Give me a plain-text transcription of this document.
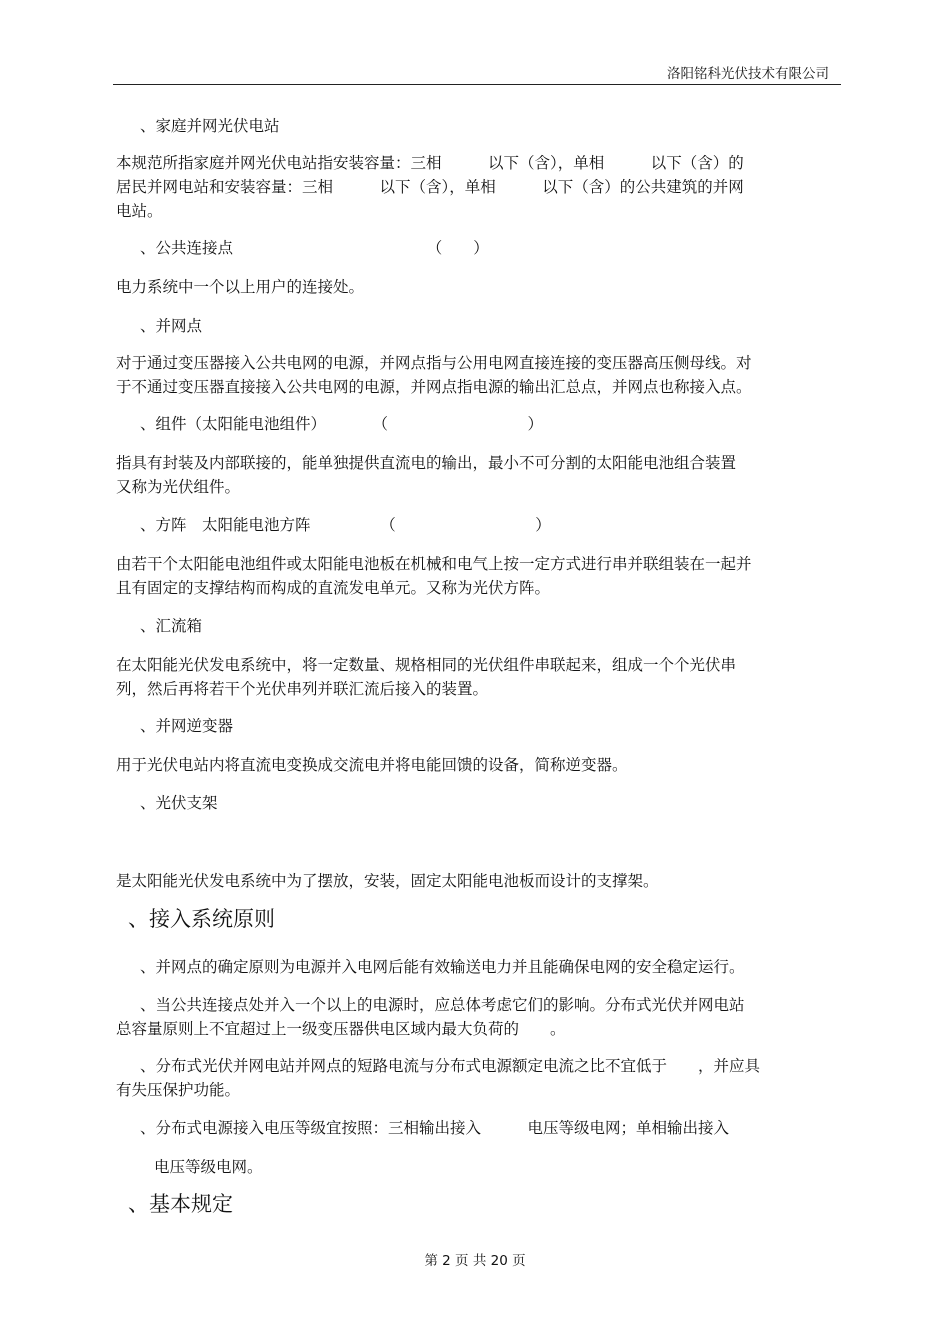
洛阳铭科光伏技术有限公司
、家庭并网光伏电站
本规范所指家庭并网光伏电站指安装容量：三相　　　以下（含），单相　　　以下（含）的
居民并网电站和安装容量：三相　　　以下（含），单相　　　以下（含）的公共建筑的并网
电站。
、公共连接点　　　　　　　　　　　　　（　　）
电力系统中一个以上用户的连接处。
、并网点
对于通过变压器接入公共电网的电源，并网点指与公用电网直接连接的变压器高压侧母线。对
于不通过变压器直接接入公共电网的电源，并网点指电源的输出汇总点，并网点也称接入点。
、组件（太阳能电池组件）　　　　（　　　　　　　　　）
指具有封装及内部联接的，能单独提供直流电的输出，最小不可分割的太阳能电池组合装置
又称为光伏组件。
、方阵　太阳能电池方阵　　　　　（　　　　　　　　　）
由若干个太阳能电池组件或太阳能电池板在机械和电气上按一定方式进行串并联组装在一起并
且有固定的支撑结构而构成的直流发电单元。又称为光伏方阵。
、汇流箱
在太阳能光伏发电系统中，将一定数量、规格相同的光伏组件串联起来，组成一个个光伏串
列，然后再将若干个光伏串列并联汇流后接入的装置。
、并网逆变器
用于光伏电站内将直流电变换成交流电并将电能回馈的设备，简称逆变器。
、光伏支架
是太阳能光伏发电系统中为了摆放，安装，固定太阳能电池板而设计的支撑架。
、并网点的确定原则为电源并入电网后能有效输送电力并且能确保电网的安全稳定运行。
、当公共连接点处并入一个以上的电源时，应总体考虑它们的影响。分布式光伏并网电站
总容量原则上不宜超过上一级变压器供电区域内最大负荷的　　。
、分布式光伏并网电站并网点的短路电流与分布式电源额定电流之比不宜低于　　，并应具
有失压保护功能。
、分布式电源接入电压等级宜按照：三相输出接入　　　电压等级电网；单相输出接入
电压等级电网。
、接入系统原则
、基本规定
第 2 页 共 20 页
